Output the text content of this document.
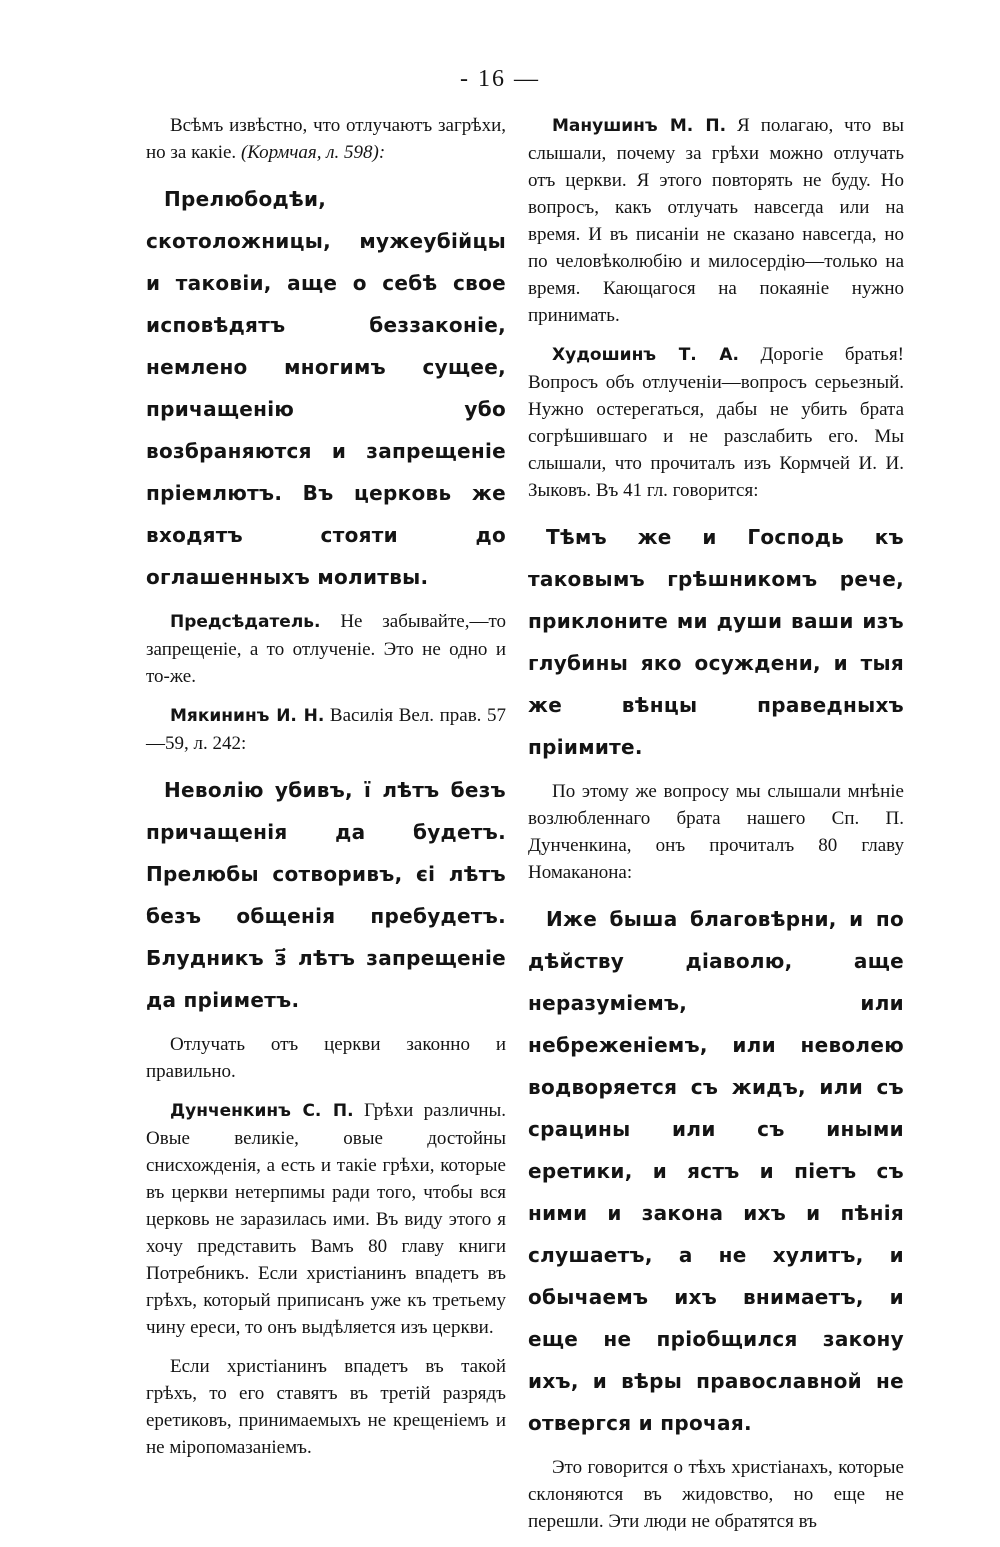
- 16 —

Всѣмъ извѣстно, что отлучаютъ загрѣхи, но за какіе. (Кормчая, л. 598):

Прелюбодѣи, скотоложницы, мужеубійцы и таковіи, аще о себѣ свое исповѣдятъ беззаконіе, немлено многимъ сущее, причащенію убо возбраняются и запрещеніе пріемлютъ. Въ церковь же входятъ стояти до оглашенныхъ молитвы.

Предсѣдатель. Не забывайте,—то запрещеніе, а то отлученіе. Это не одно и то-же.

Мякининъ И. Н. Василія Вел. прав. 57—59, л. 242:

Неволію убивъ, ї лѣтъ безъ причащенія да будетъ. Прелюбы сотворивъ, єі лѣтъ безъ общенія пребудетъ. Блудникъ з҃ лѣтъ запрещеніе да пріиметъ.

Отлучать отъ церкви законно и правильно.

Дунченкинъ С. П. Грѣхи различны. Овые великіе, овые достойны снисхожденія, а есть и такіе грѣхи, которые въ церкви нетерпимы ради того, чтобы вся церковь не заразилась ими. Въ виду этого я хочу представить Вамъ 80 главу книги Потребникъ. Если христіанинъ впадетъ въ грѣхъ, который приписанъ уже къ третьему чину ереси, то онъ выдѣляется изъ церкви.

Если христіанинъ впадетъ въ такой грѣхъ, то его ставятъ въ третій разрядъ еретиковъ, принимаемыхъ не крещеніемъ и не міропомазаніемъ.

Манушинъ М. П. Я полагаю, что вы слышали, почему за грѣхи можно отлучать отъ церкви. Я этого повторять не буду. Но вопросъ, какъ отлучать навсегда или на время. И въ писаніи не сказано навсегда, но по человѣколюбію и милосердію—только на время. Кающагося на покаяніе нужно принимать.

Худошинъ Т. А. Дорогіе братья! Вопросъ объ отлученіи—вопросъ серьезный. Нужно остерегаться, дабы не убить брата согрѣшившаго и не разслабить его. Мы слышали, что прочиталъ изъ Кормчей И. И. Зыковъ. Въ 41 гл. говорится:

Тѣмъ же и Господь къ таковымъ грѣшникомъ рече, приклоните ми души ваши изъ глубины яко осуждени, и тыя же вѣнцы праведныхъ пріимите.

По этому же вопросу мы слышали мнѣніе возлюбленнаго брата нашего Сп. П. Дунченкина, онъ прочиталъ 80 главу Номаканона:

Иже быша благовѣрни, и по дѣйству діаволю, аще неразуміемъ, или небреженіемъ, или неволею водворяется съ жидъ, или съ срацины или съ иными еретики, и ястъ и піетъ съ ними и закона ихъ и пѣнія слушаетъ, а не хулитъ, и обычаемъ ихъ внимаетъ, и еще не пріобщился закону ихъ, и вѣры православной не отвергся и прочая.

Это говорится о тѣхъ христіанахъ, которые склоняются въ жидовство, но еще не перешли. Эти люди не обратятся въ
